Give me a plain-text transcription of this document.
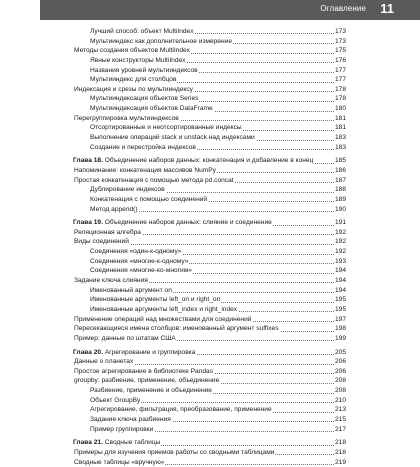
Оглавление 11
Лучший способ: объект MultiIndex	173
Мультииндекс как дополнительное измерение	173
Методы создания объектов MultiIndex	175
Явные конструкторы MultiIndex	176
Названия уровней мультииндексов	177
Мультииндекс для столбцов	177
Индексация и срезы по мультииндексу	178
Мультииндексация объектов Series	178
Мультииндексация объектов DataFrame	180
Перегруппировка мультииндексов	181
Отсортированные и неотсортированные индексы	181
Выполнение операций stack и unstack над индексами	183
Создание и перестройка индексов	183
Глава 18. Объединение наборов данных: конкатенация и добавление в конец	185
Напоминание: конкатенация массивов NumPy	186
Простая конкатенация с помощью метода pd.concat	187
Дублирование индексов	188
Конкатенация с помощью соединений	189
Метод append()	190
Глава 19. Объединение наборов данных: слияние и соединение	191
Реляционная алгебра	192
Виды соединений	192
Соединения «один-к-одному»	192
Соединения «многие-к-одному»	193
Соединения «многие-ко-многим»	194
Задание ключа слияния	194
Именованный аргумент on	194
Именованные аргументы left_on и right_on	195
Именованные аргументы left_index и right_index	195
Применение операций над множествами для соединений	197
Пересекающиеся имена столбцов: именованный аргумент suffixes	198
Пример: данные по штатам США	199
Глава 20. Агрегирование и группировка	205
Данные о планетах	206
Простое агрегирование в библиотеке Pandas	206
groupby: разбиение, применение, объединение	208
Разбиение, применение и объединение	208
Объект GroupBy	210
Агрегирование, фильтрация, преобразование, применение	213
Задание ключа разбиения	215
Пример группировки	217
Глава 21. Сводные таблицы	218
Примеры для изучения приемов работы со сводными таблицами	218
Сводные таблицы «вручную»	219
